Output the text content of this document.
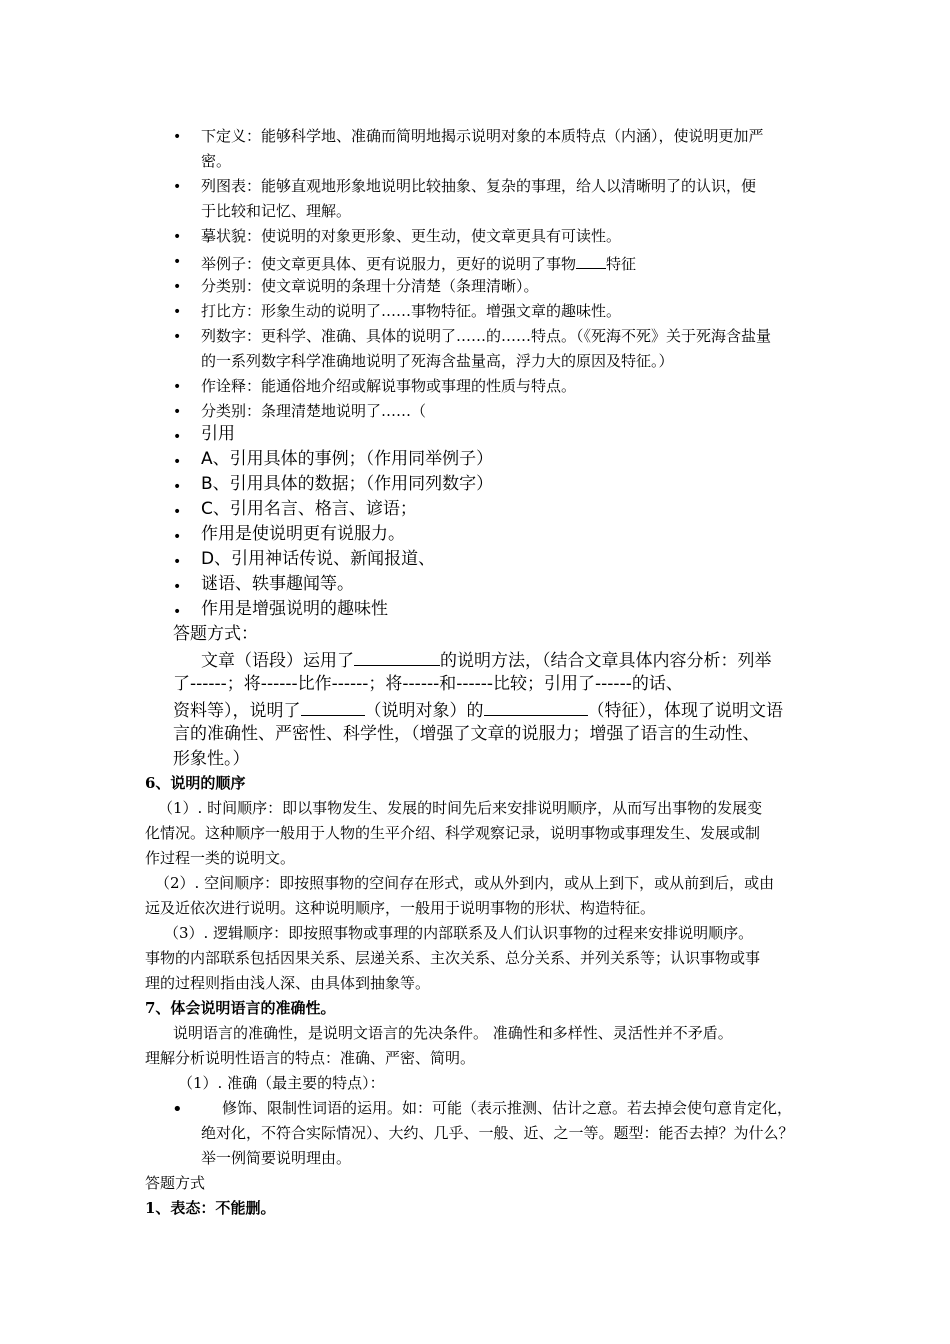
• 下定义：能够科学地、准确而简明地揭示说明对象的本质特点（内涵），使说明更加严
密。
• 列图表：能够直观地形象地说明比较抽象、复杂的事理，给人以清晰明了的认识，便
于比较和记忆、理解。
• 摹状貌：使说明的对象更形象、更生动，使文章更具有可读性。
• 举例子：使文章更具体、更有说服力，更好的说明了事物 特征
• 分类别：使文章说明的条理十分清楚（条理清晰）。
• 打比方：形象生动的说明了……事物特征。增强文章的趣味性。
• 列数字：更科学、准确、具体的说明了……的……特点。（《死海不死》关于死海含盐量
的一系列数字科学准确地说明了死海含盐量高，浮力大的原因及特征。）
• 作诠释：能通俗地介绍或解说事物或事理的性质与特点。
• 分类别：条理清楚地说明了……（
• 引用
• A、引用具体的事例；（作用同举例子）
• B、引用具体的数据；（作用同列数字）
• C、引用名言、格言、谚语；
• 作用是使说明更有说服力。
• D、引用神话传说、新闻报道、
• 谜语、轶事趣闻等。
• 作用是增强说明的趣味性
答题方式：
文章（语段）运用了	的说明方法，（结合文章具体内容分析：列举
了------；将------比作------；将------和------比较；引用了------的话、
资料等），说明了	（说明对象）的	（特征），体现了说明文语
言的准确性、严密性、科学性，（增强了文章的说服力；增强了语言的生动性、
形象性。）
6、说明的顺序
（1）. 时间顺序：即以事物发生、发展的时间先后来安排说明顺序，从而写出事物的发展变
化情况。这种顺序一般用于人物的生平介绍、科学观察记录，说明事物或事理发生、发展或制
作过程一类的说明文。
（2）. 空间顺序：即按照事物的空间存在形式，或从外到内，或从上到下，或从前到后，或由
远及近依次进行说明。这种说明顺序，一般用于说明事物的形状、构造特征。
（3）. 逻辑顺序：即按照事物或事理的内部联系及人们认识事物的过程来安排说明顺序。
事物的内部联系包括因果关系、层递关系、主次关系、总分关系、并列关系等；认识事物或事
理的过程则指由浅人深、由具体到抽象等。
7、体会说明语言的准确性。
说明语言的准确性，是说明文语言的先决条件。 准确性和多样性、灵活性并不矛盾。
理解分析说明性语言的特点：准确、严密、简明。
（1）. 准确（最主要的特点）：
•	修饰、限制性词语的运用。如：可能（表示推测、估计之意。若去掉会使句意肯定化，
绝对化，不符合实际情况）、大约、几乎、一般、近、之一等。题型：能否去掉？为什么？
举一例简要说明理由。
答题方式
1、表态：不能删。
